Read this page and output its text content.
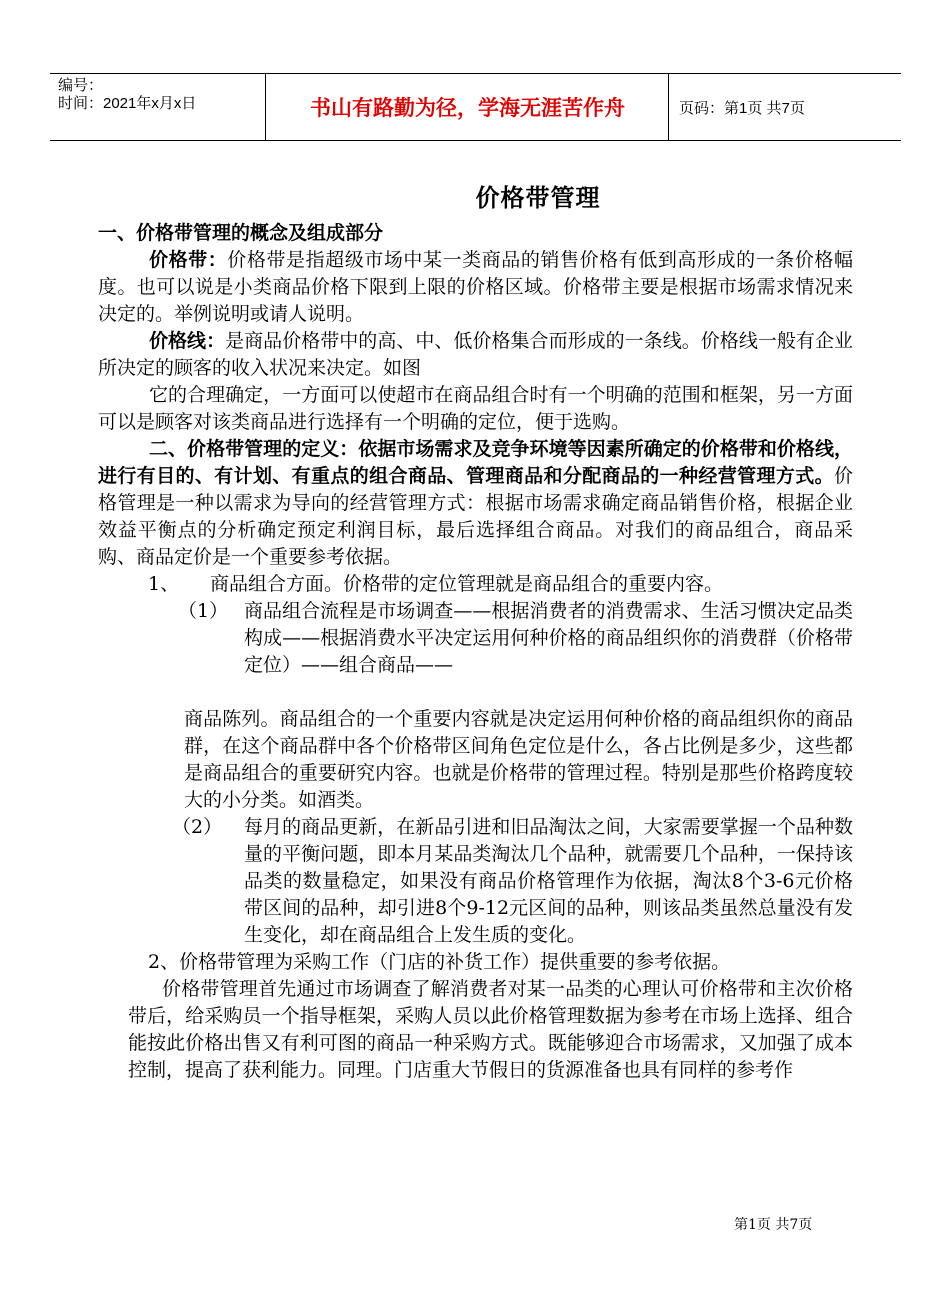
编号：
时间：2021年x月x日	书山有路勤为径，学海无涯苦作舟	页码：第1页 共7页
价格带管理

一、价格带管理的概念及组成部分

价格带：价格带是指超级市场中某一类商品的销售价格有低到高形成的一条价格幅度。也可以说是小类商品价格下限到上限的价格区域。价格带主要是根据市场需求情况来决定的。举例说明或请人说明。

价格线：是商品价格带中的高、中、低价格集合而形成的一条线。价格线一般有企业所决定的顾客的收入状况来决定。如图

它的合理确定，一方面可以使超市在商品组合时有一个明确的范围和框架，另一方面可以是顾客对该类商品进行选择有一个明确的定位，便于选购。

二、价格带管理的定义：依据市场需求及竞争环境等因素所确定的价格带和价格线，进行有目的、有计划、有重点的组合商品、管理商品和分配商品的一种经营管理方式。价格管理是一种以需求为导向的经营管理方式：根据市场需求确定商品销售价格，根据企业效益平衡点的分析确定预定利润目标，最后选择组合商品。对我们的商品组合，商品采购、商品定价是一个重要参考依据。

1、 商品组合方面。价格带的定位管理就是商品组合的重要内容。

（1） 商品组合流程是市场调查——根据消费者的消费需求、生活习惯决定品类构成——根据消费水平决定运用何种价格的商品组织你的消费群（价格带定位）——组合商品——

商品陈列。商品组合的一个重要内容就是决定运用何种价格的商品组织你的商品群，在这个商品群中各个价格带区间角色定位是什么，各占比例是多少，这些都是商品组合的重要研究内容。也就是价格带的管理过程。特别是那些价格跨度较大的小分类。如酒类。

（2） 每月的商品更新，在新品引进和旧品淘汰之间，大家需要掌握一个品种数量的平衡问题，即本月某品类淘汰几个品种，就需要几个品种，一保持该品类的数量稳定，如果没有商品价格管理作为依据，淘汰8个3-6元价格带区间的品种，却引进8个9-12元区间的品种，则该品类虽然总量没有发生变化，却在商品组合上发生质的变化。

2、价格带管理为采购工作（门店的补货工作）提供重要的参考依据。

价格带管理首先通过市场调查了解消费者对某一品类的心理认可价格带和主次价格带后，给采购员一个指导框架，采购人员以此价格管理数据为参考在市场上选择、组合能按此价格出售又有利可图的商品一种采购方式。既能够迎合市场需求，又加强了成本控制，提高了获利能力。同理。门店重大节假日的货源准备也具有同样的参考作

第1页 共7页
